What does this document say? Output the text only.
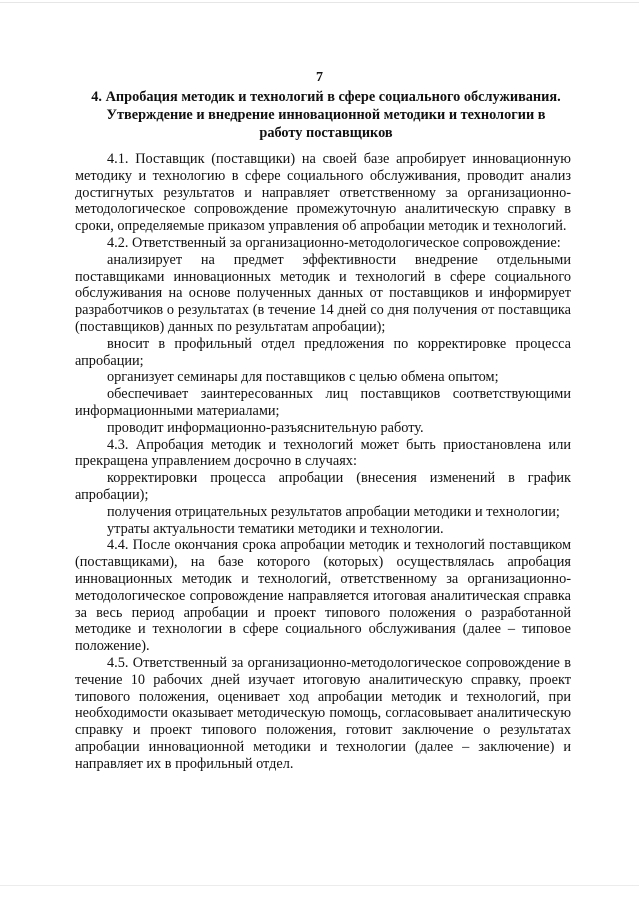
7
4. Апробация методик и технологий в сфере социального обслуживания. Утверждение и внедрение инновационной методики и технологии в работу поставщиков

4.1. Поставщик (поставщики) на своей базе апробирует инновационную методику и технологию в сфере социального обслуживания, проводит анализ достигнутых результатов и направляет ответственному за организационно-методологическое сопровождение промежуточную аналитическую справку в сроки, определяемые приказом управления об апробации методик и технологий.

4.2. Ответственный за организационно-методологическое сопровождение:

анализирует на предмет эффективности внедрение отдельными поставщиками инновационных методик и технологий в сфере социального обслуживания на основе полученных данных от поставщиков и информирует разработчиков о результатах (в течение 14 дней со дня получения от поставщика (поставщиков) данных по результатам апробации);

вносит в профильный отдел предложения по корректировке процесса апробации;

организует семинары для поставщиков с целью обмена опытом;

обеспечивает заинтересованных лиц поставщиков соответствующими информационными материалами;

проводит информационно-разъяснительную работу.

4.3. Апробация методик и технологий может быть приостановлена или прекращена управлением досрочно в случаях:

корректировки процесса апробации (внесения изменений в график апробации);

получения отрицательных результатов апробации методики и технологии;

утраты актуальности тематики методики и технологии.

4.4. После окончания срока апробации методик и технологий поставщиком (поставщиками), на базе которого (которых) осуществлялась апробация инновационных методик и технологий, ответственному за организационно-методологическое сопровождение направляется итоговая аналитическая справка за весь период апробации и проект типового положения о разработанной методике и технологии в сфере социального обслуживания (далее – типовое положение).

4.5. Ответственный за организационно-методологическое сопровождение в течение 10 рабочих дней изучает итоговую аналитическую справку, проект типового положения, оценивает ход апробации методик и технологий, при необходимости оказывает методическую помощь, согласовывает аналитическую справку и проект типового положения, готовит заключение о результатах апробации инновационной методики и технологии (далее – заключение) и направляет их в профильный отдел.
